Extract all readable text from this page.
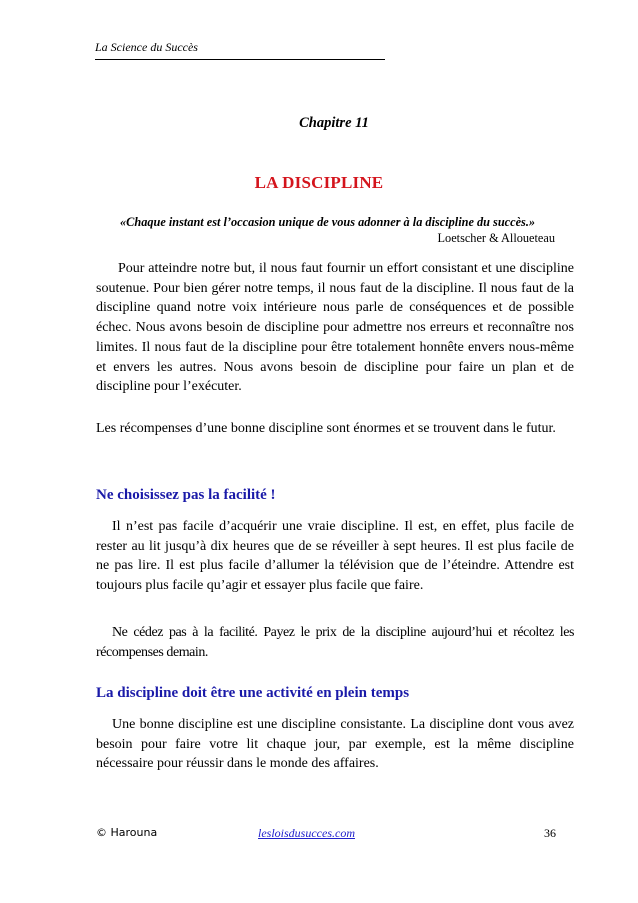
La Science du Succès
Chapitre 11
LA DISCIPLINE
«Chaque instant est l’occasion unique de vous adonner à la discipline du succès.»
Loetscher & Alloueteau

Pour atteindre notre but, il nous faut fournir un effort consistant et une discipline soutenue. Pour bien gérer notre temps, il nous faut de la discipline. Il nous faut de la discipline quand notre voix intérieure nous parle de conséquences et de possible échec. Nous avons besoin de discipline pour admettre nos erreurs et reconnaître nos limites. Il nous faut de la discipline pour être totalement honnête envers nous-même et envers les autres. Nous avons besoin de discipline pour faire un plan et de discipline pour l’exécuter.

Les récompenses d’une bonne discipline sont énormes et se trouvent dans le futur.

Ne choisissez pas la facilité !

Il n’est pas facile d’acquérir une vraie discipline. Il est, en effet, plus facile de rester au lit jusqu’à dix heures que de se réveiller à sept heures. Il est plus facile de ne pas lire. Il est plus facile d’allumer la télévision que de l’éteindre. Attendre est toujours plus facile qu’agir et essayer plus facile que faire.

Ne cédez pas à la facilité. Payez le prix de la discipline aujourd’hui et récoltez les récompenses demain.

La discipline doit être une activité en plein temps

Une bonne discipline est une discipline consistante. La discipline dont vous avez besoin pour faire votre lit chaque jour, par exemple, est la même discipline nécessaire pour réussir dans le monde des affaires.

© Harouna	lesloisdusucces.com	36
